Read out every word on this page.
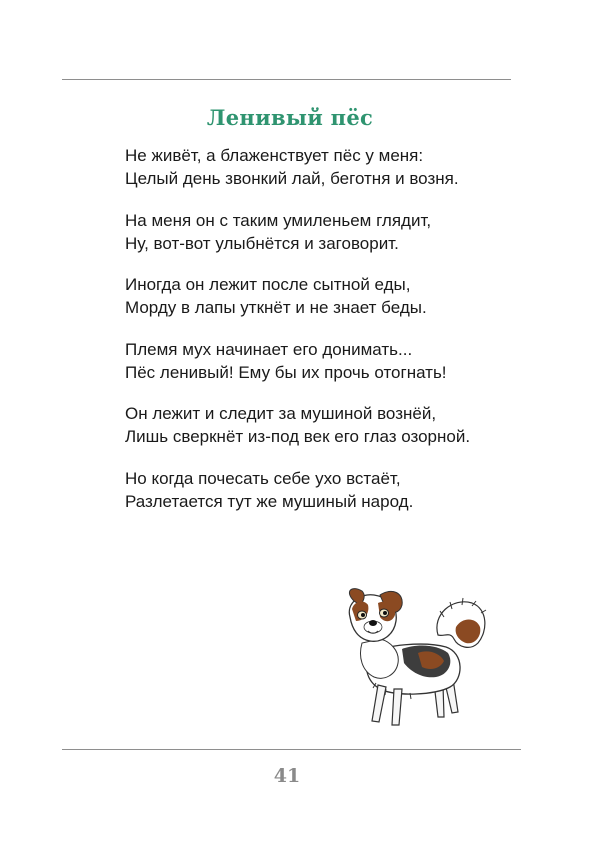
Ленивый пёс
Не живёт, а блаженствует пёс у меня:
Целый день звонкий лай, беготня и возня.
На меня он с таким умиленьем глядит,
Ну, вот-вот улыбнётся и заговорит.
Иногда он лежит после сытной еды,
Морду в лапы уткнёт и не знает беды.
Племя мух начинает его донимать...
Пёс ленивый! Ему бы их прочь отогнать!
Он лежит и следит за мушиной вознёй,
Лишь сверкнёт из-под век его глаз озорной.
Но когда почесать себе ухо встаёт,
Разлетается тут же мушиный народ.
41
